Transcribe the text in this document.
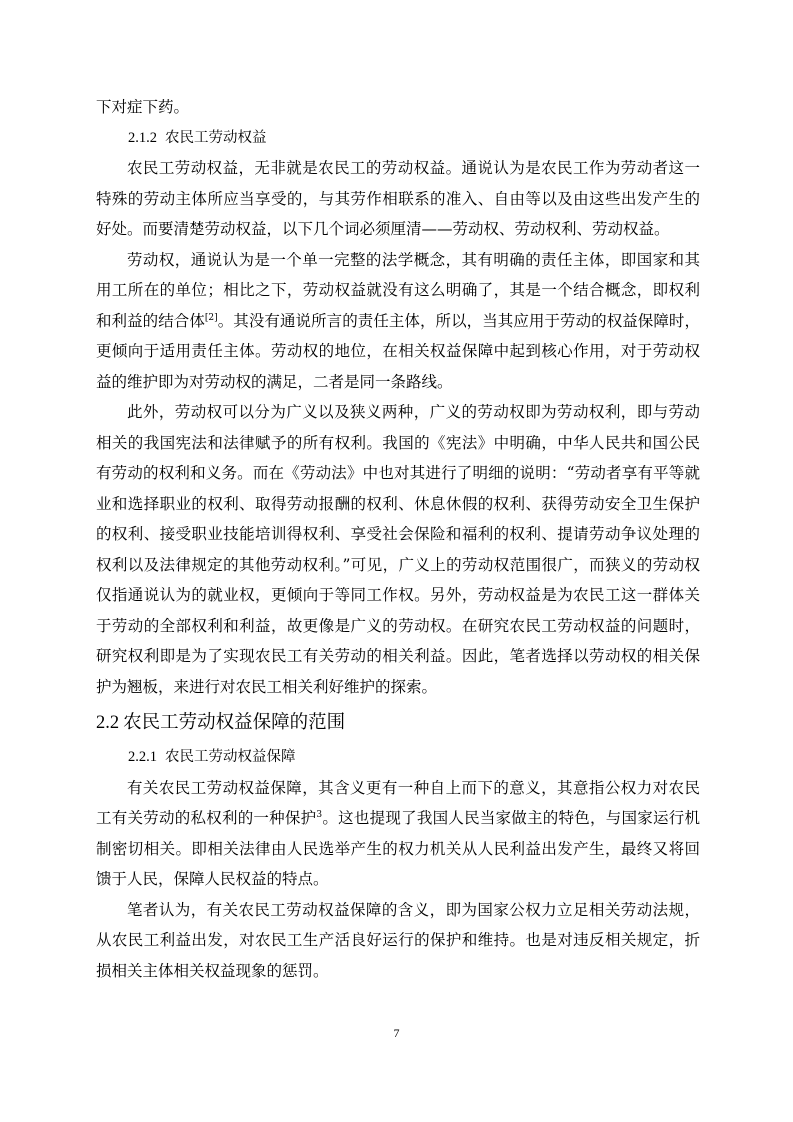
下对症下药。

2.1.2 农民工劳动权益

农民工劳动权益，无非就是农民工的劳动权益。通说认为是农民工作为劳动者这一特殊的劳动主体所应当享受的，与其劳作相联系的准入、自由等以及由这些出发产生的好处。而要清楚劳动权益，以下几个词必须厘清——劳动权、劳动权利、劳动权益。

劳动权，通说认为是一个单一完整的法学概念，其有明确的责任主体，即国家和其用工所在的单位；相比之下，劳动权益就没有这么明确了，其是一个结合概念，即权利和利益的结合体[2]。其没有通说所言的责任主体，所以，当其应用于劳动的权益保障时，更倾向于适用责任主体。劳动权的地位，在相关权益保障中起到核心作用，对于劳动权益的维护即为对劳动权的满足，二者是同一条路线。

此外，劳动权可以分为广义以及狭义两种，广义的劳动权即为劳动权利，即与劳动相关的我国宪法和法律赋予的所有权利。我国的《宪法》中明确，中华人民共和国公民有劳动的权利和义务。而在《劳动法》中也对其进行了明细的说明：“劳动者享有平等就业和选择职业的权利、取得劳动报酬的权利、休息休假的权利、获得劳动安全卫生保护的权利、接受职业技能培训得权利、享受社会保险和福利的权利、提请劳动争议处理的权利以及法律规定的其他劳动权利。”可见，广义上的劳动权范围很广，而狭义的劳动权仅指通说认为的就业权，更倾向于等同工作权。另外，劳动权益是为农民工这一群体关于劳动的全部权利和利益，故更像是广义的劳动权。在研究农民工劳动权益的问题时，研究权利即是为了实现农民工有关劳动的相关利益。因此，笔者选择以劳动权的相关保护为翘板，来进行对农民工相关利好维护的探索。

2.2 农民工劳动权益保障的范围
2.2.1 农民工劳动权益保障

有关农民工劳动权益保障，其含义更有一种自上而下的意义，其意指公权力对农民工有关劳动的私权利的一种保护$^3$。这也提现了我国人民当家做主的特色，与国家运行机制密切相关。即相关法律由人民选举产生的权力机关从人民利益出发产生，最终又将回馈于人民，保障人民权益的特点。

笔者认为，有关农民工劳动权益保障的含义，即为国家公权力立足相关劳动法规，从农民工利益出发，对农民工生产活良好运行的保护和维持。也是对违反相关规定，折损相关主体相关权益现象的惩罚。

7
